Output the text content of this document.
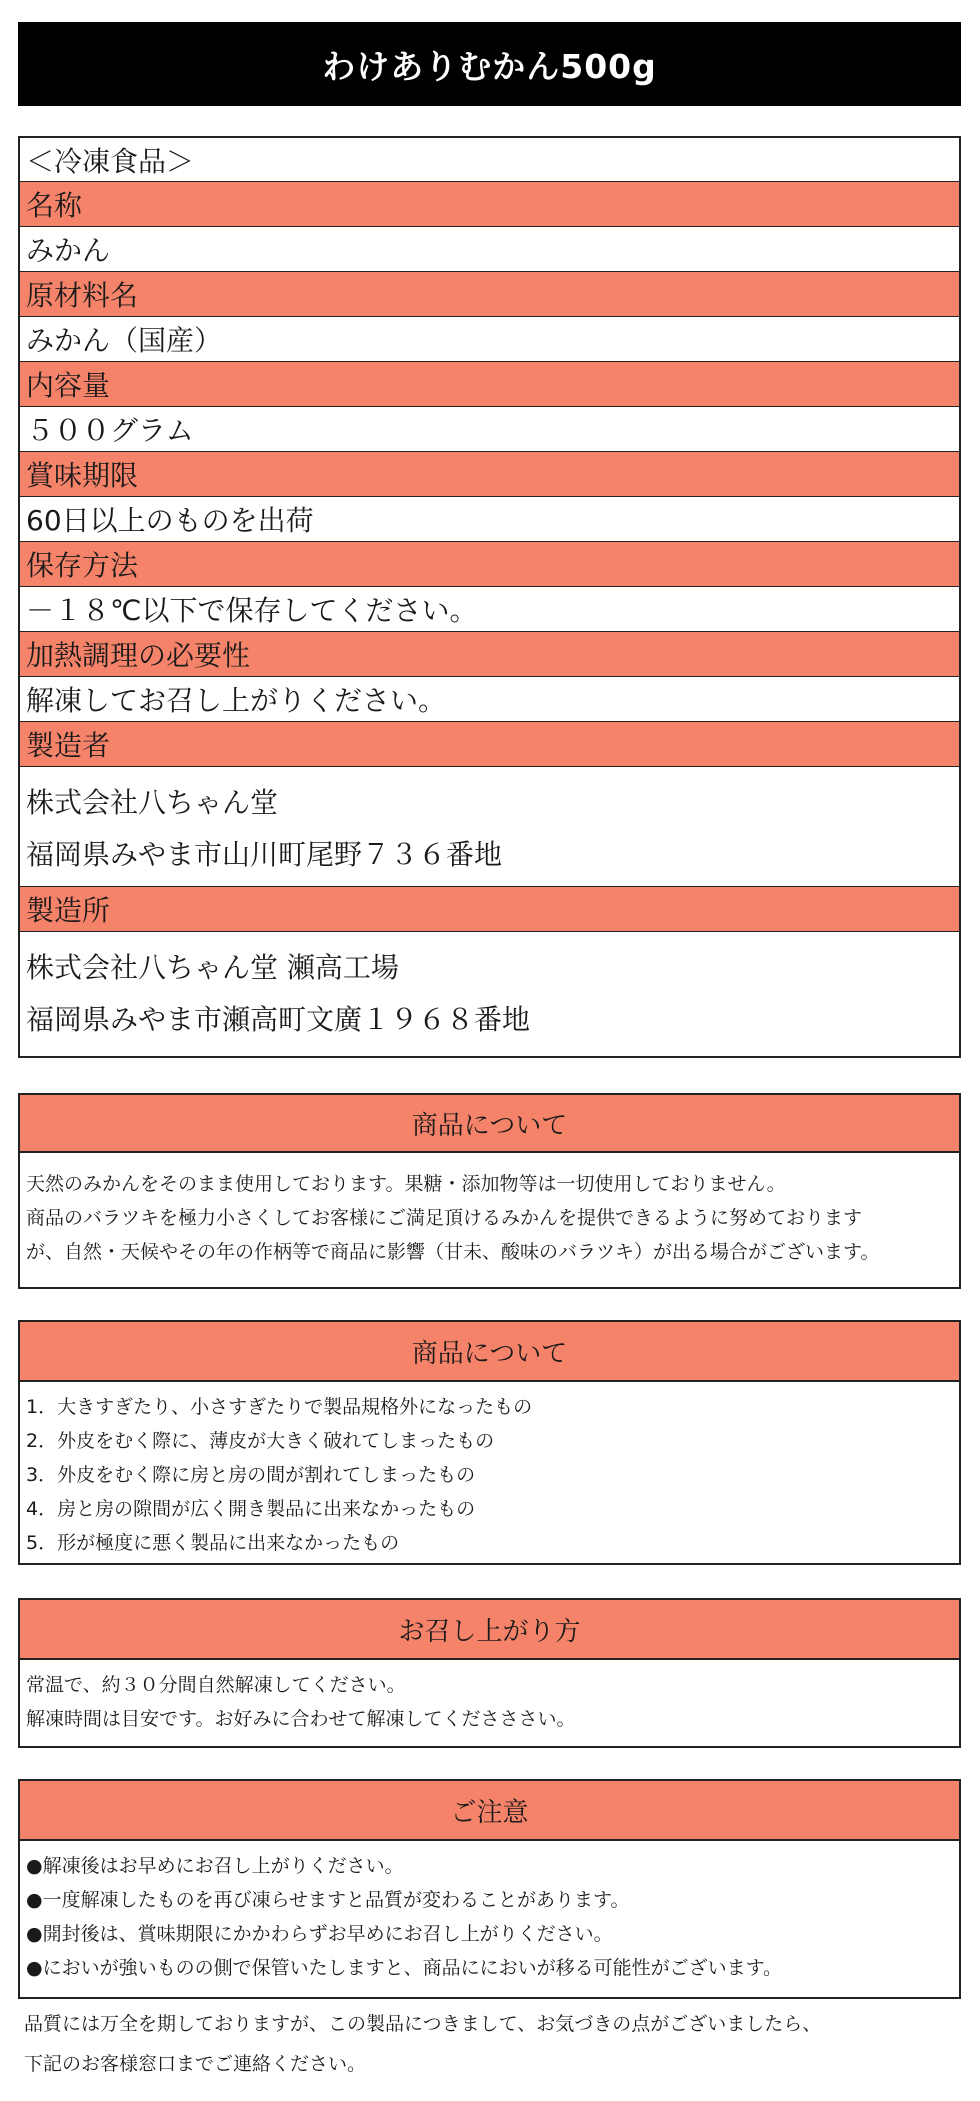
わけありむかん500g
＜冷凍食品＞
名称
みかん
原材料名
みかん（国産）
内容量
５００グラム
賞味期限
60日以上のものを出荷
保存方法
－１８℃以下で保存してください。
加熱調理の必要性
解凍してお召し上がりください。
製造者
株式会社八ちゃん堂
福岡県みやま市山川町尾野７３６番地
製造所
株式会社八ちゃん堂 瀬高工場
福岡県みやま市瀬高町文廣１９６８番地
商品について
天然のみかんをそのまま使用しております。果糖・添加物等は一切使用しておりません。
商品のバラツキを極力小さくしてお客様にご満足頂けるみかんを提供できるように努めております
が、自然・天候やその年の作柄等で商品に影響（甘未、酸味のバラツキ）が出る場合がございます。
商品について
1．大きすぎたり、小さすぎたりで製品規格外になったもの
2．外皮をむく際に、薄皮が大きく破れてしまったもの
3．外皮をむく際に房と房の間が割れてしまったもの
4．房と房の隙間が広く開き製品に出来なかったもの
5．形が極度に悪く製品に出来なかったもの
お召し上がり方
常温で、約３０分間自然解凍してください。
解凍時間は目安です。お好みに合わせて解凍してくださささい。
ご注意
●解凍後はお早めにお召し上がりください。
●一度解凍したものを再び凍らせますと品質が変わることがあります。
●開封後は、賞味期限にかかわらずお早めにお召し上がりください。
●においが強いものの側で保管いたしますと、商品ににおいが移る可能性がございます。
品質には万全を期しておりますが、この製品につきまして、お気づきの点がございましたら、
下記のお客様窓口までご連絡ください。
